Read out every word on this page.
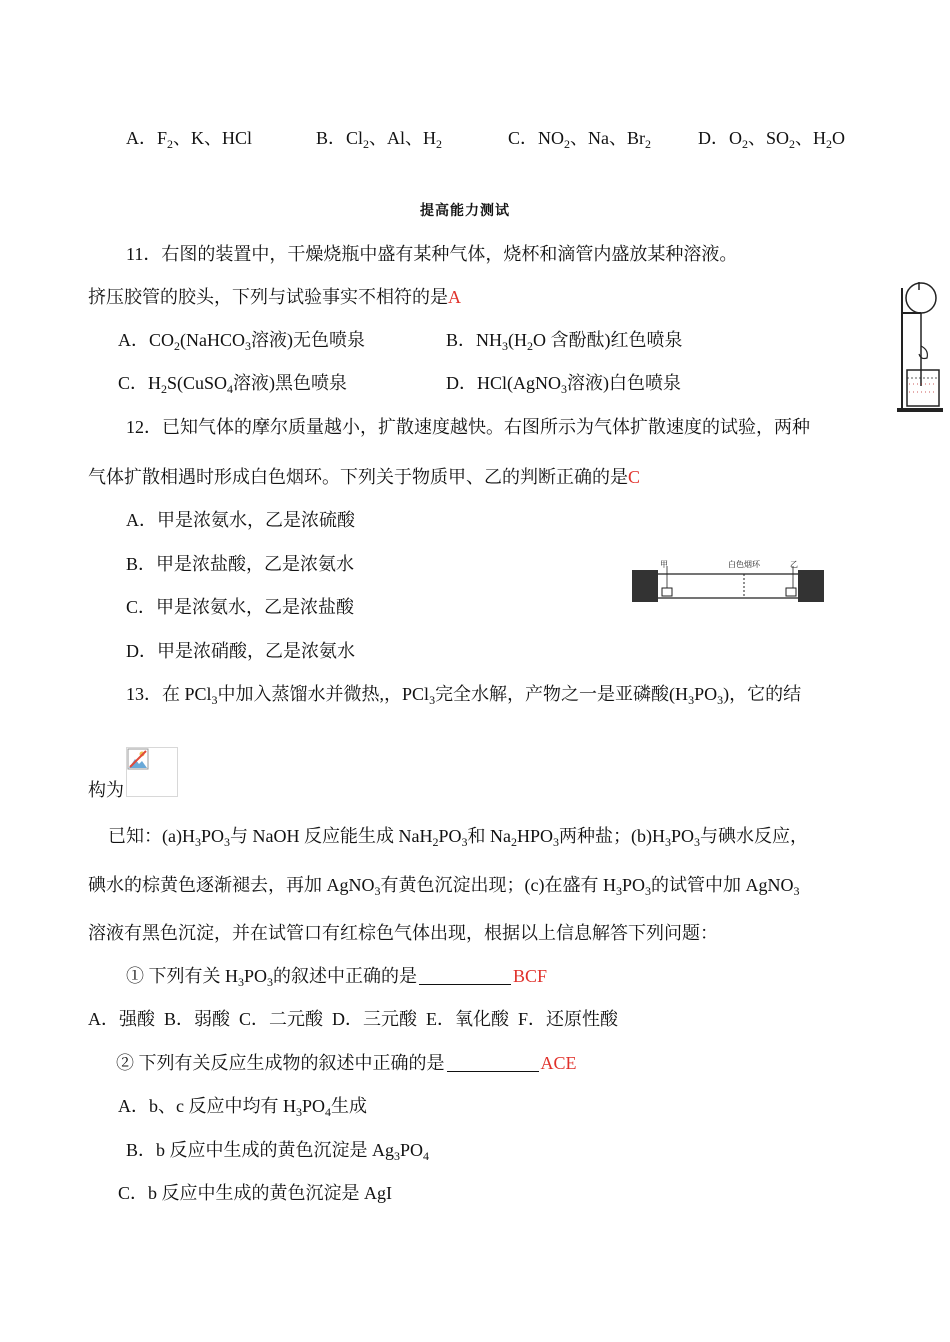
A．$F_2$、K、HCl	B．$Cl_2$、Al、$H_2$	C．$NO_2$、Na、$Br_2$	D．$O_2$、$SO_2$、$H_2O$
提高能力测试
11．右图的装置中，干燥烧瓶中盛有某种气体，烧杯和滴管内盛放某种溶液。
挤压胶管的胶头，下列与试验事实不相符的是A
A．$CO_2(NaHCO_3$溶液)无色喷泉	B．$NH_3(H_2O$ 含酚酞)红色喷泉
C．$H_2S(CuSO_4$溶液)黑色喷泉	D．HCl(AgNO$_3$溶液)白色喷泉
12．已知气体的摩尔质量越小，扩散速度越快。右图所示为气体扩散速度的试验，两种
气体扩散相遇时形成白色烟环。下列关于物质甲、乙的判断正确的是C
A．甲是浓氨水，乙是浓硫酸
B．甲是浓盐酸，乙是浓氨水
C．甲是浓氨水，乙是浓盐酸
D．甲是浓硝酸，乙是浓氨水
甲	白色烟环	乙
13．在 PCl$_3$中加入蒸馏水并微热,，PCl$_3$完全水解，产物之一是亚磷酸$(H_3PO_3)$，它的结
构为
已知：$(a)H_3PO_3$与 NaOH 反应能生成 $NaH_2PO_3$和 $Na_2HPO_3$两种盐；$(b)H_3PO_3$与碘水反应，
碘水的棕黄色逐渐褪去，再加 AgNO$_3$有黄色沉淀出现；(c)在盛有 $H_3PO_3$的试管中加 AgNO$_3$
溶液有黑色沉淀，并在试管口有红棕色气体出现，根据以上信息解答下列问题：
① 下列有关 $H_3PO_3$的叙述中正确的是	BCF
A．强酸  B．弱酸  C．二元酸  D．三元酸  E．氧化酸  F．还原性酸
② 下列有关反应生成物的叙述中正确的是	ACE
A．b、c 反应中均有 $H_3PO_4$生成
B．b 反应中生成的黄色沉淀是 $Ag_3PO_4$
C．b 反应中生成的黄色沉淀是 AgI
